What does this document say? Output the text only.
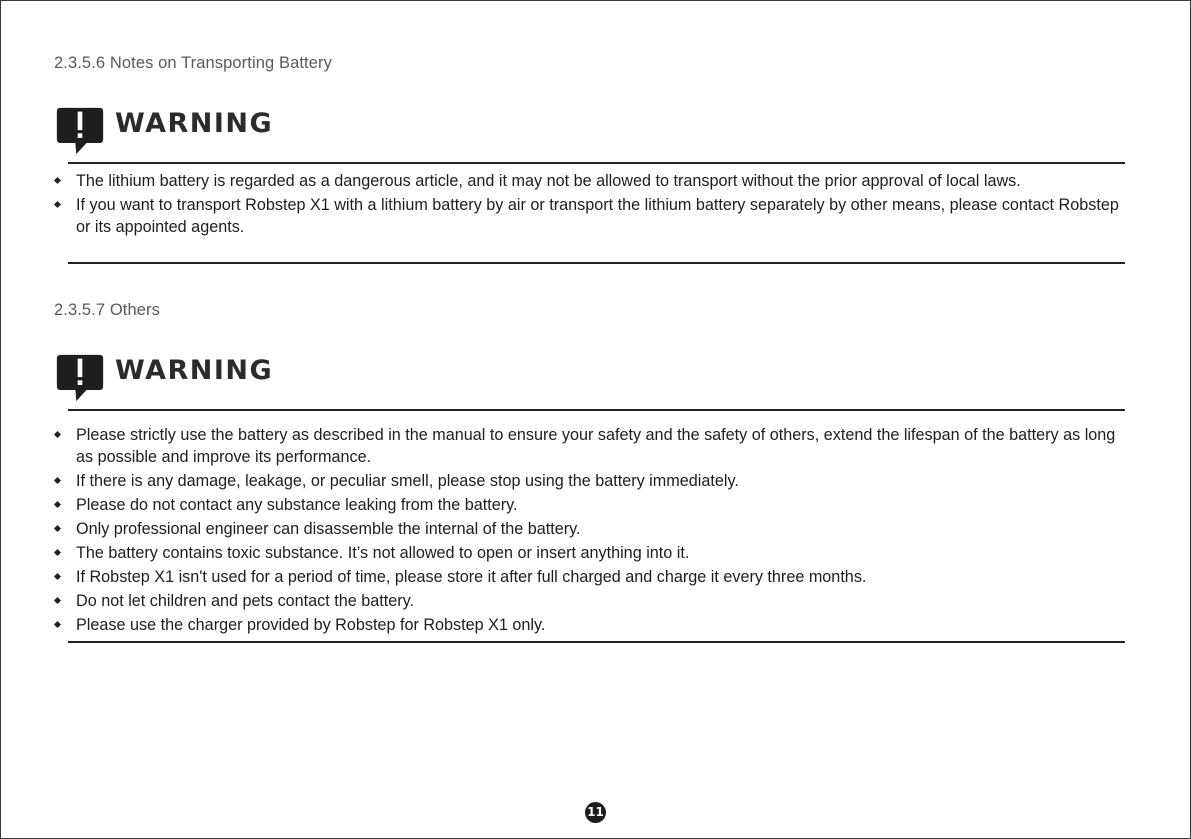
2.3.5.6 Notes on Transporting Battery
WARNING
The lithium battery is regarded as a dangerous article, and it may not be allowed to transport without the prior approval of local laws.
If you want to transport Robstep X1 with a lithium battery by air or transport the lithium battery separately by other means, please contact Robstep or its appointed agents.
2.3.5.7 Others
WARNING
Please strictly use the battery as described in the manual to ensure your safety and the safety of others, extend the lifespan of the battery as long as possible and improve its performance.
If there is any damage, leakage, or peculiar smell, please stop using the battery immediately.
Please do not contact any substance leaking from the battery.
Only professional engineer can disassemble the internal of the battery.
The battery contains toxic substance. It’s not allowed to open or insert anything into it.
If Robstep X1 isn't used for a period of time, please store it after full charged and charge it every three months.
Do not let children and pets contact the battery.
Please use the charger provided by Robstep for Robstep X1 only.
11
